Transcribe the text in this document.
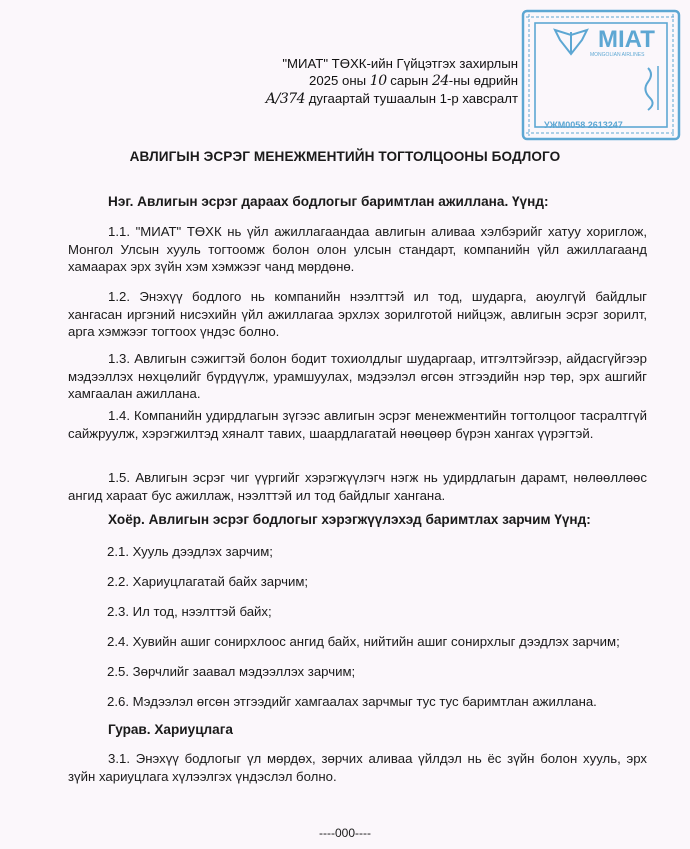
MIAT
MONGOLIAN AIRLINES
УЖМ0058 2613247
"МИАТ" ТӨХК-ийн Гүйцэтгэх захирлын
2025 оны 10 сарын 24-ны өдрийн
А/374 дугаартай тушаалын 1-р хавсралт
АВЛИГЫН ЭСРЭГ МЕНЕЖМЕНТИЙН ТОГТОЛЦООНЫ БОДЛОГО
Нэг. Авлигын эсрэг дараах бодлогыг баримтлан ажиллана. Үүнд:
1.1. "МИАТ" ТӨХК нь үйл ажиллагаандаа авлигын аливаа хэлбэрийг хатуу хориглож, Монгол Улсын хууль тогтоомж болон олон улсын стандарт, компанийн үйл ажиллагаанд хамаарах эрх зүйн хэм хэмжээг чанд мөрдөнө.
1.2. Энэхүү бодлого нь компанийн нээлттэй ил тод, шударга, аюулгүй байдлыг хангасан иргэний нисэхийн үйл ажиллагаа эрхлэх зорилготой нийцэж, авлигын эсрэг зорилт, арга хэмжээг тогтоох үндэс болно.
1.3. Авлигын сэжигтэй болон бодит тохиолдлыг шударгаар, итгэлтэйгээр, айдасгүйгээр мэдээллэх нөхцөлийг бүрдүүлж, урамшуулах, мэдээлэл өгсөн этгээдийн нэр төр, эрх ашгийг хамгаалан ажиллана.
1.4. Компанийн удирдлагын зүгээс авлигын эсрэг менежментийн тогтолцоог тасралтгүй сайжруулж, хэрэгжилтэд хяналт тавих, шаардлагатай нөөцөөр бүрэн хангах үүрэгтэй.
1.5. Авлигын эсрэг чиг үүргийг хэрэгжүүлэгч нэгж нь удирдлагын дарамт, нөлөөллөөс ангид хараат бус ажиллаж, нээлттэй ил тод байдлыг хангана.
Хоёр. Авлигын эсрэг бодлогыг хэрэгжүүлэхэд баримтлах зарчим Үүнд:
2.1. Хууль дээдлэх зарчим;
2.2. Хариуцлагатай байх зарчим;
2.3. Ил тод, нээлттэй байх;
2.4. Хувийн ашиг сонирхлоос ангид байх, нийтийн ашиг сонирхлыг дээдлэх зарчим;
2.5. Зөрчлийг заавал мэдээллэх зарчим;
2.6. Мэдээлэл өгсөн этгээдийг хамгаалах зарчмыг тус тус баримтлан ажиллана.
Гурав. Хариуцлага
3.1. Энэхүү бодлогыг үл мөрдөх, зөрчих аливаа үйлдэл нь ёс зүйн болон хууль, эрх зүйн хариуцлага хүлээлгэх үндэслэл болно.
----000----
